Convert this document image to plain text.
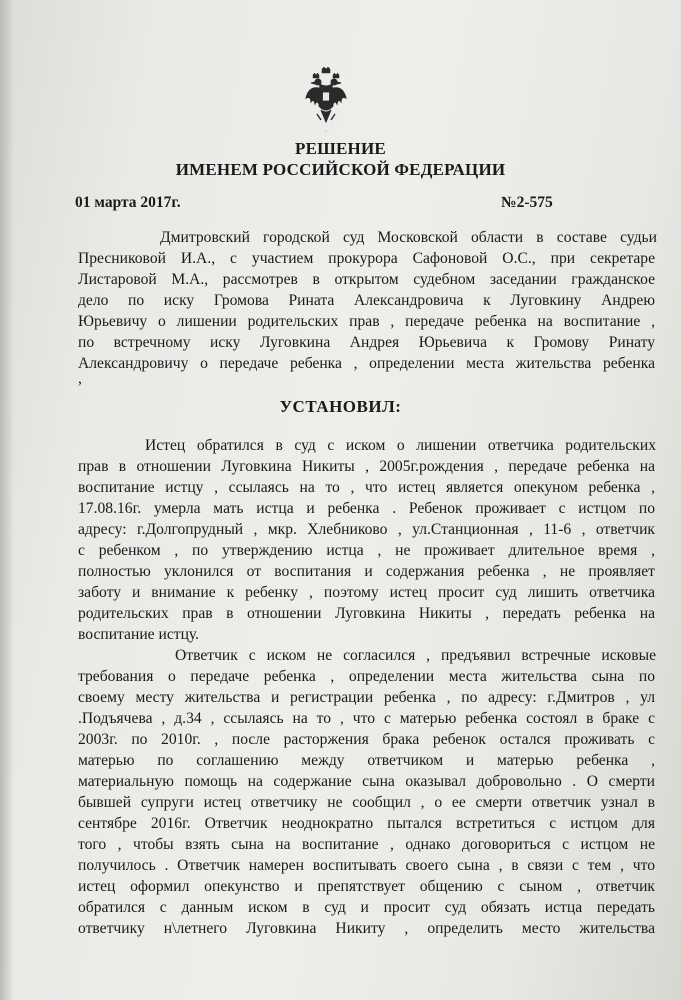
•
РЕШЕНИЕ
ИМЕНЕМ РОССИЙСКОЙ ФЕДЕРАЦИИ
01 марта 2017г.	№2-575
Дмитровский городской суд Московской области в составе судьи
Пресниковой И.А., с участием прокурора Сафоновой О.С., при секретаре
Листаровой М.А., рассмотрев в открытом судебном заседании гражданское
дело по иску Громова Рината Александровича к Луговкину Андрею
Юрьевичу о лишении родительских прав , передаче ребенка на воспитание ,
по встречному иску Луговкина Андрея Юрьевича к Громову Ринату
Александровичу о передаче ребенка , определении места жительства ребенка
,
УСТАНОВИЛ:
Истец обратился в суд с иском о лишении ответчика родительских
прав в отношении Луговкина Никиты , 2005г.рождения , передаче ребенка на
воспитание истцу , ссылаясь на то , что истец является опекуном ребенка ,
17.08.16г. умерла мать истца и ребенка . Ребенок проживает с истцом по
адресу: г.Долгопрудный , мкр. Хлебниково , ул.Станционная , 11-6 , ответчик
с ребенком , по утверждению истца , не проживает длительное время ,
полностью уклонился от воспитания и содержания ребенка , не проявляет
заботу и внимание к ребенку , поэтому истец просит суд лишить ответчика
родительских прав в отношении Луговкина Никиты , передать ребенка на
воспитание истцу.
Ответчик с иском не согласился , предъявил встречные исковые
требования о передаче ребенка , определении места жительства сына по
своему месту жительства и регистрации ребенка , по адресу: г.Дмитров , ул
.Подъячева , д.34 , ссылаясь на то , что с матерью ребенка состоял в браке с
2003г. по 2010г. , после расторжения брака ребенок остался проживать с
матерью по соглашению между ответчиком и матерью ребенка ,
материальную помощь на содержание сына оказывал добровольно . О смерти
бывшей супруги истец ответчику не сообщил , о ее смерти ответчик узнал в
сентябре 2016г. Ответчик неоднократно пытался встретиться с истцом для
того , чтобы взять сына на воспитание , однако договориться с истцом не
получилось . Ответчик намерен воспитывать своего сына , в связи с тем , что
истец оформил опекунство и препятствует общению с сыном , ответчик
обратился с данным иском в суд и просит суд обязать истца передать
ответчику н\летнего Луговкина Никиту , определить место жительства
